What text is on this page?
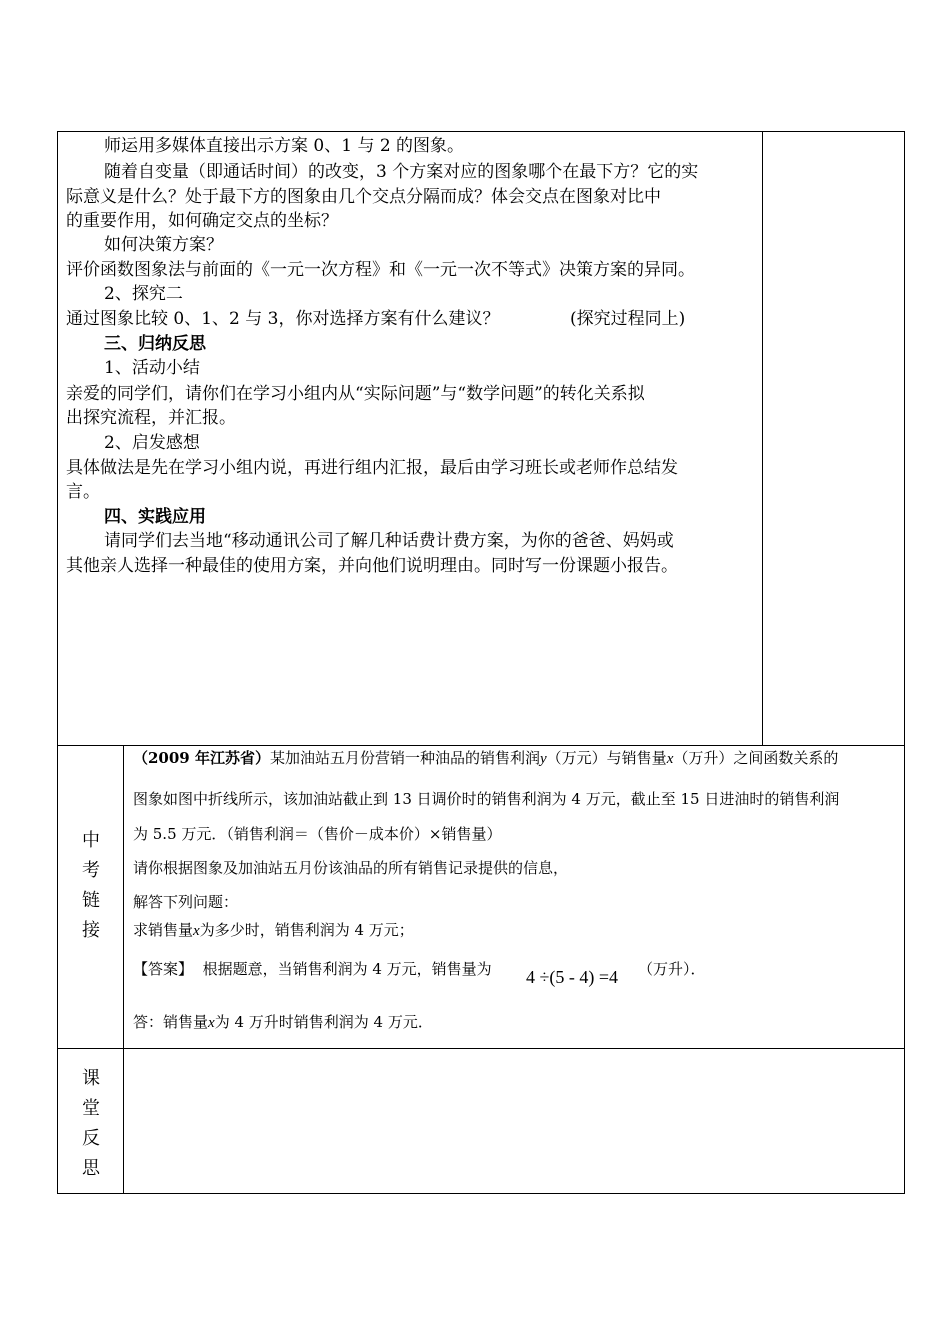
师运用多媒体直接出示方案 0、1 与 2 的图象。
随着自变量（即通话时间）的改变，3 个方案对应的图象哪个在最下方？它的实
际意义是什么？处于最下方的图象由几个交点分隔而成？体会交点在图象对比中
的重要作用，如何确定交点的坐标？
如何决策方案？
评价函数图象法与前面的《一元一次方程》和《一元一次不等式》决策方案的异同。
2、探究二
通过图象比较 0、1、2 与 3，你对选择方案有什么建议？	(探究过程同上)
三、归纳反思
1、活动小结
亲爱的同学们，请你们在学习小组内从“实际问题”与“数学问题”的转化关系拟
出探究流程，并汇报。
2、启发感想
具体做法是先在学习小组内说，再进行组内汇报，最后由学习班长或老师作总结发
言。
四、实践应用
请同学们去当地“移动通讯公司了解几种话费计费方案，为你的爸爸、妈妈或
其他亲人选择一种最佳的使用方案，并向他们说明理由。同时写一份课题小报告。
中
考
链
接
（2009 年江苏省）某加油站五月份营销一种油品的销售利润y（万元）与销售量x（万升）之间函数关系的
图象如图中折线所示，该加油站截止到 13 日调价时的销售利润为 4 万元，截止至 15 日进油时的销售利润
为 5.5 万元．（销售利润＝（售价－成本价）×销售量）
请你根据图象及加油站五月份该油品的所有销售记录提供的信息，
解答下列问题：
求销售量x为多少时，销售利润为 4 万元；
【答案】 根据题意，当销售利润为 4 万元，销售量为 4 ÷(5 - 4) =4 （万升）．
答：销售量x为 4 万升时销售利润为 4 万元．
课
堂
反
思
